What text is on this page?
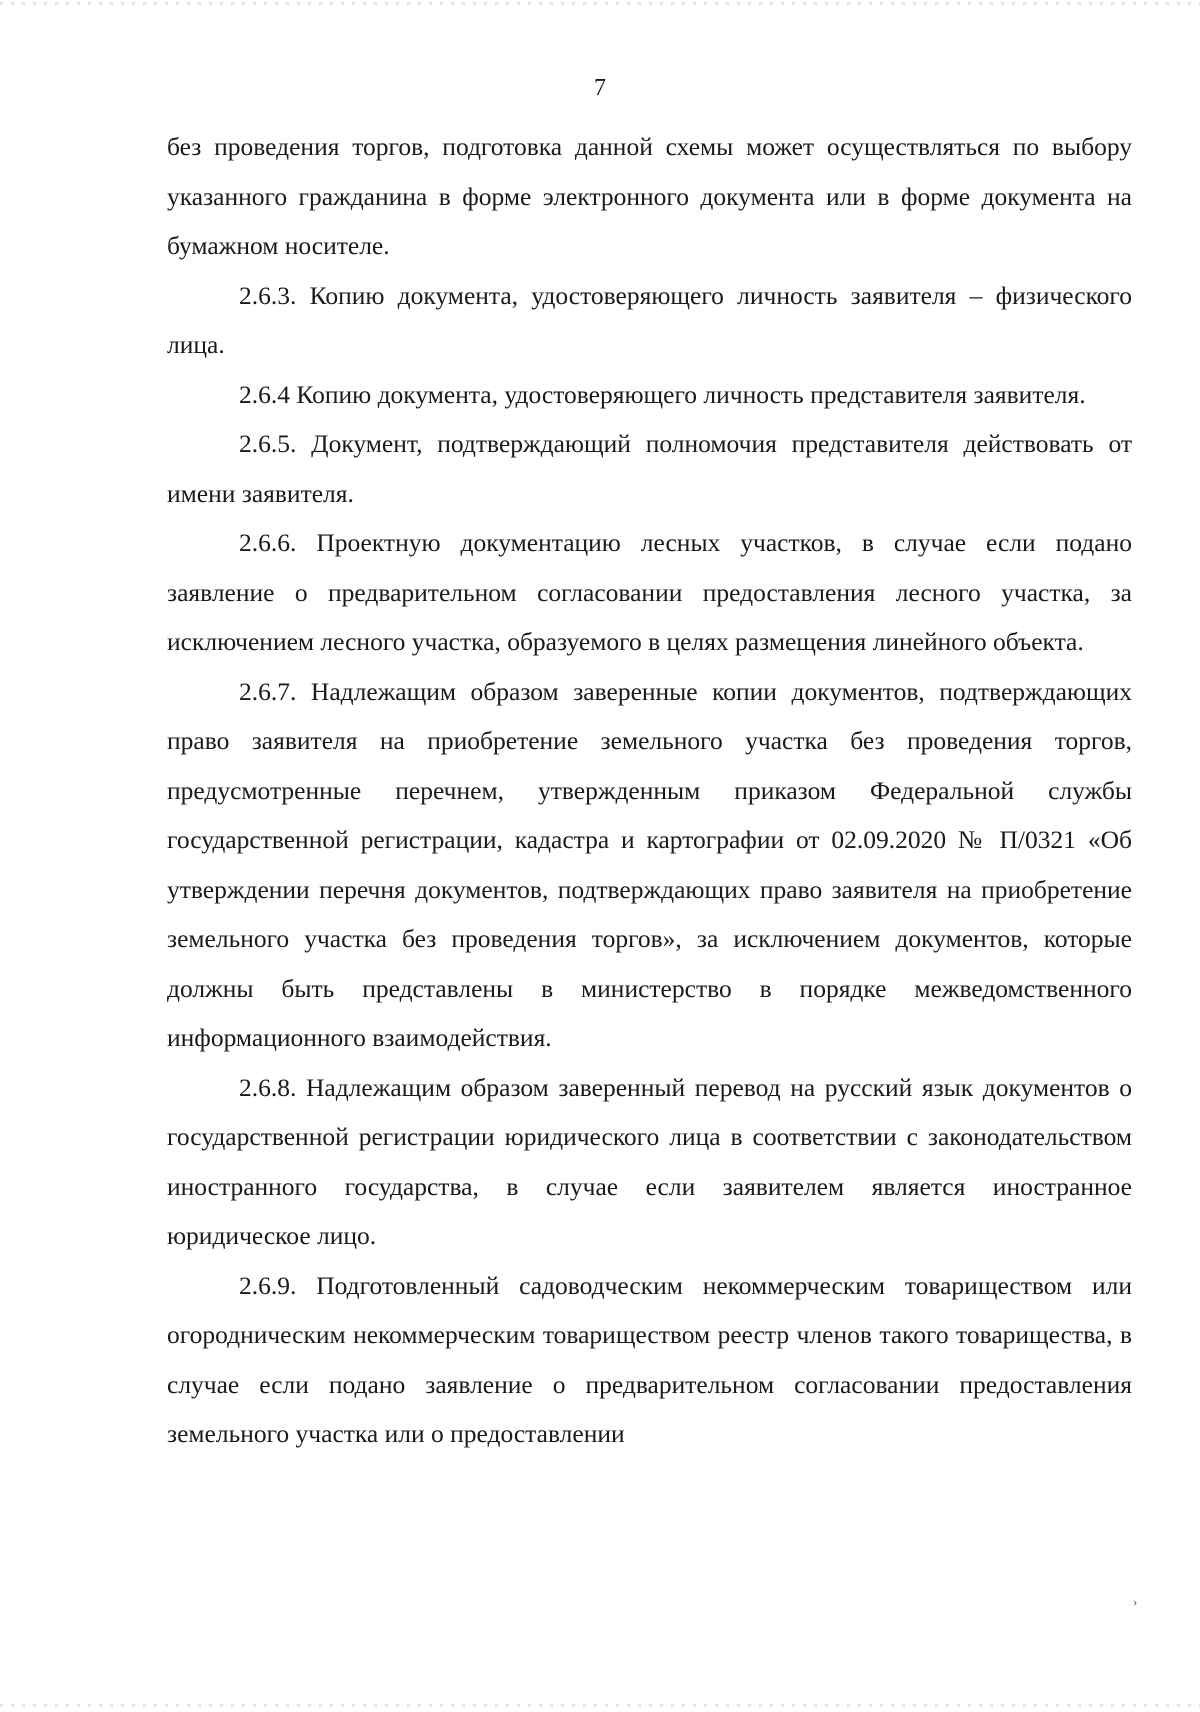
7

без проведения торгов, подготовка данной схемы может осуществляться по выбору указанного гражданина в форме электронного документа или в форме документа на бумажном носителе.

2.6.3. Копию документа, удостоверяющего личность заявителя – физического лица.

2.6.4 Копию документа, удостоверяющего личность представителя заявителя.

2.6.5. Документ, подтверждающий полномочия представителя действовать от имени заявителя.

2.6.6. Проектную документацию лесных участков, в случае если подано заявление о предварительном согласовании предоставления лесного участка, за исключением лесного участка, образуемого в целях размещения линейного объекта.

2.6.7. Надлежащим образом заверенные копии документов, подтверждающих право заявителя на приобретение земельного участка без проведения торгов, предусмотренные перечнем, утвержденным приказом Федеральной службы государственной регистрации, кадастра и картографии от 02.09.2020 № П/0321 «Об утверждении перечня документов, подтверждающих право заявителя на приобретение земельного участка без проведения торгов», за исключением документов, которые должны быть представлены в министерство в порядке межведомственного информационного взаимодействия.

2.6.8. Надлежащим образом заверенный перевод на русский язык документов о государственной регистрации юридического лица в соответствии с законодательством иностранного государства, в случае если заявителем является иностранное юридическое лицо.

2.6.9. Подготовленный садоводческим некоммерческим товариществом или огородническим некоммерческим товариществом реестр членов такого товарищества, в случае если подано заявление о предварительном согласовании предоставления земельного участка или о предоставлении

›
